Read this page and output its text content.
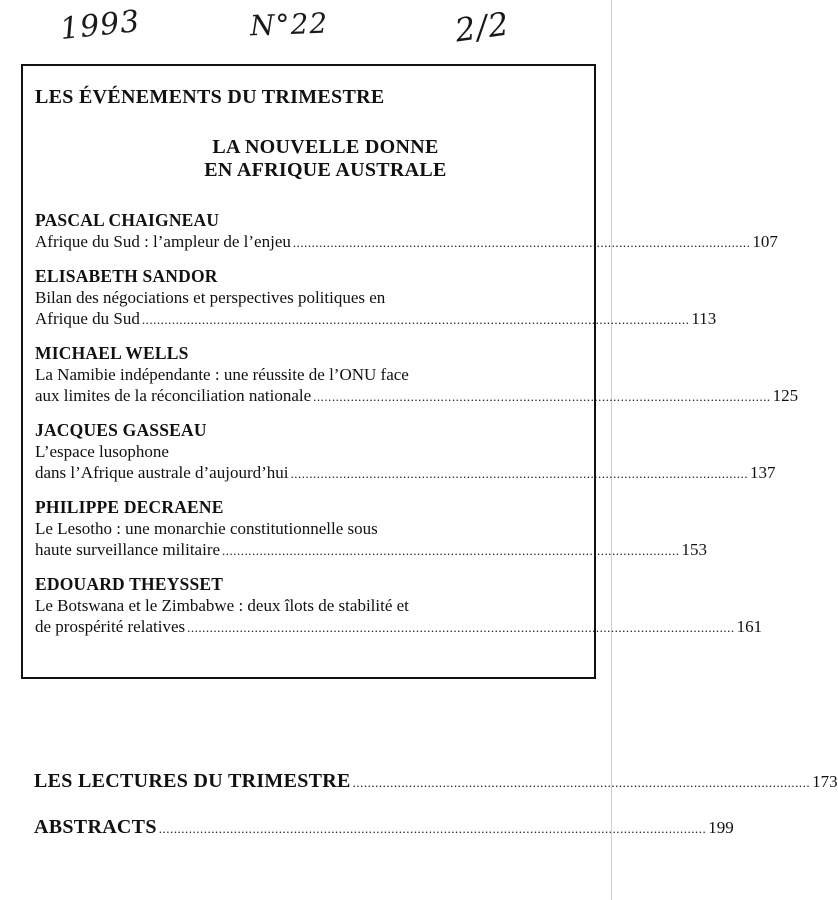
1993	N°22	2/2
LES ÉVÉNEMENTS DU TRIMESTRE
LA NOUVELLE DONNE
EN AFRIQUE AUSTRALE
PASCAL CHAIGNEAU
Afrique du Sud : l’ampleur de l’enjeu .......................................................................................................................... 107
ELISABETH SANDOR
Bilan des négociations et perspectives politiques en
Afrique du Sud .................................................................................................................................................. 113
MICHAEL WELLS
La Namibie indépendante : une réussite de l’ONU face
aux limites de la réconciliation nationale .......................................................................................................................... 125
JACQUES GASSEAU
L’espace lusophone
dans l’Afrique australe d’aujourd’hui .......................................................................................................................... 137
PHILIPPE DECRAENE
Le Lesotho : une monarchie constitutionnelle sous
haute surveillance militaire .......................................................................................................................... 153
EDOUARD THEYSSET
Le Botswana et le Zimbabwe : deux îlots de stabilité et
de prospérité relatives .................................................................................................................................................. 161
LES LECTURES DU TRIMESTRE .......................................................................................................................... 173
ABSTRACTS .................................................................................................................................................. 199
